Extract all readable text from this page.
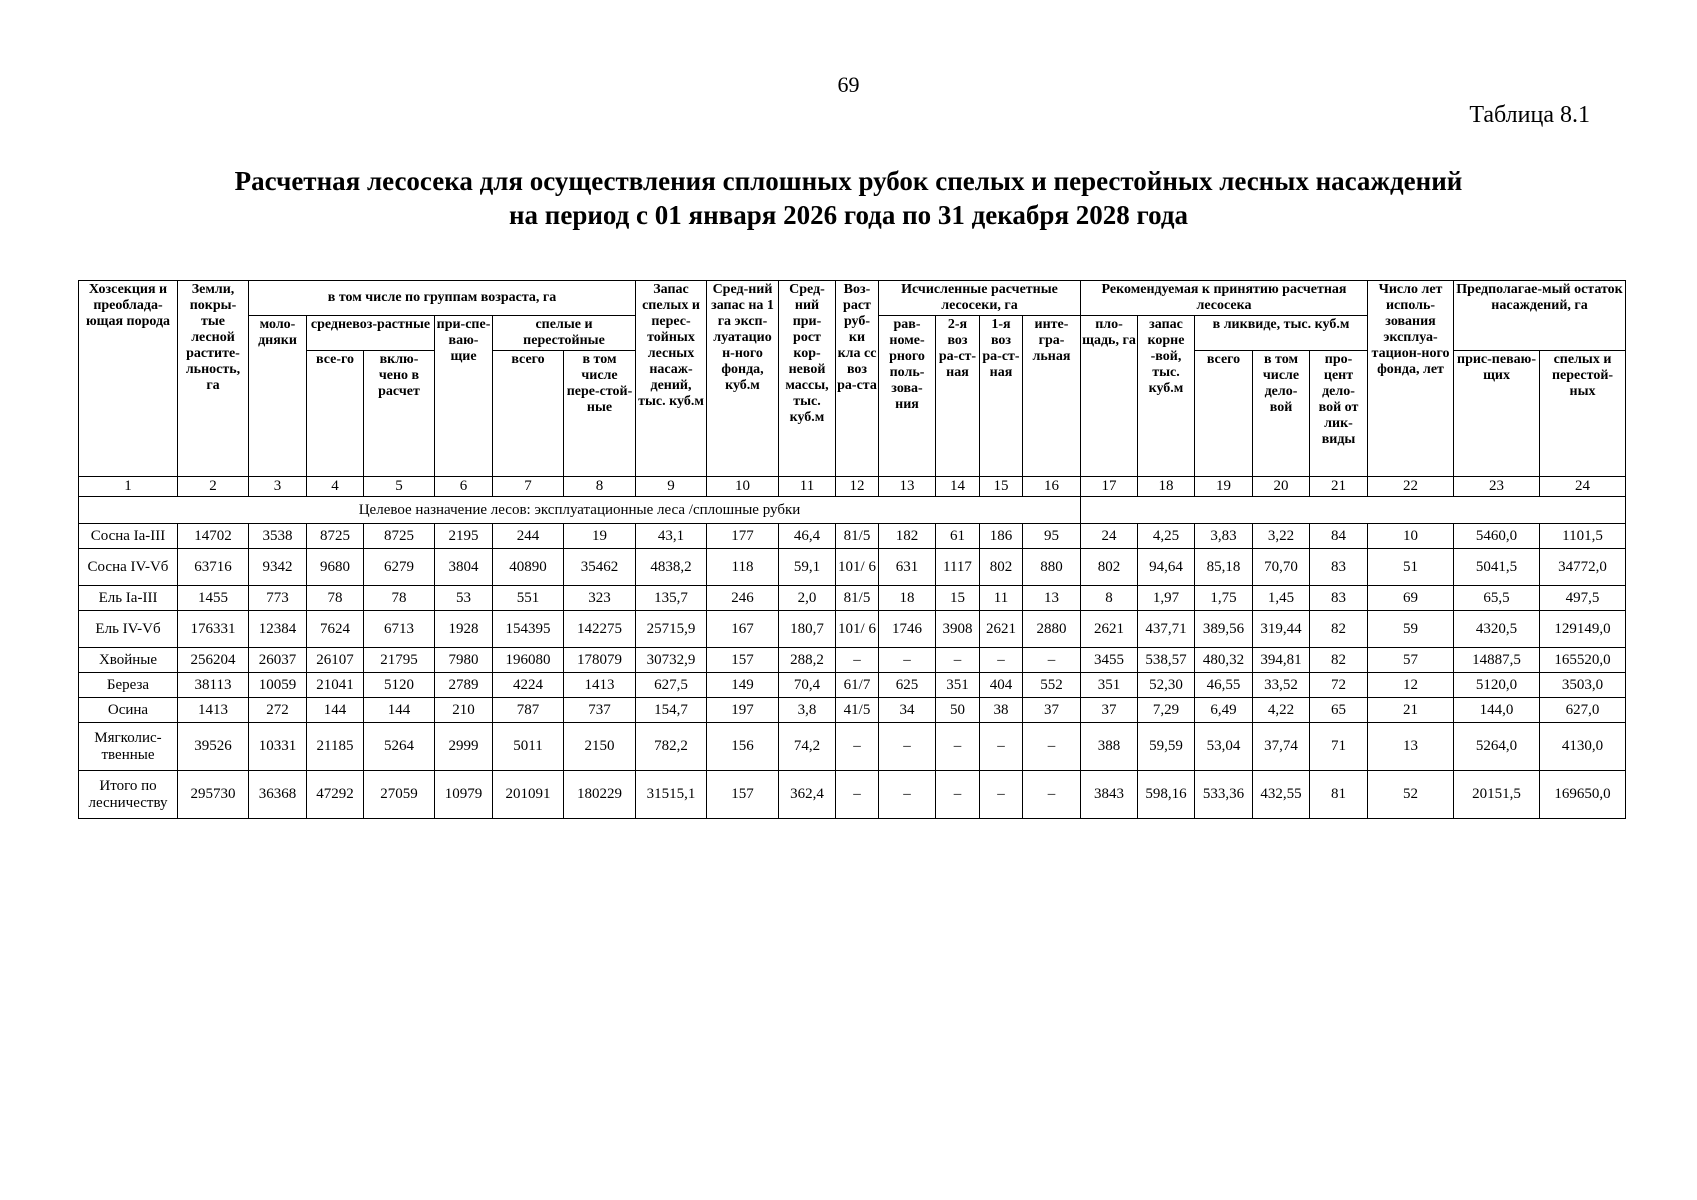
69
Таблица 8.1
Расчетная лесосека для осуществления сплошных рубок спелых и перестойных лесных насаждений
на период с 01 января 2026 года по 31 декабря 2028 года
Хозсекция и преоблада-ющая порода	Земли, покры-тые лесной растите-льность, га	в том числе по группам возраста, га						Запас спелых и перес-тойных лесных насаж-дений, тыс. куб.м	Сред-ний запас на 1 га эксп-луатацио н-ного фонда, куб.м	Сред-ний при-рост кор-невой массы, тыс. куб.м	Воз-раст руб-ки кла сс воз ра-ста	Исчисленные расчетные лесосеки, га				Рекомендуемая к принятию расчетная лесосека					Число лет исполь-зования эксплуа-тацион-ного фонда, лет	Предполагае-мый остаток насаждений, га	
		моло-дняки	средневоз-растные		при-спе-ваю-щие	спелые и перестойные						рав-номе-рного поль-зова-ния	2-я воз ра-ст-ная	1-я воз ра-ст-ная	инте-гра-льная	пло-щадь, га	запас корне -вой, тыс. куб.м	в ликвиде, тыс. куб.м					
			все-го	вклю-чено в расчет		всего	в том числе пере-стой-ные											всего	в том числе дело-вой	про-цент дело-вой от лик-виды		прис-певаю-щих	спелых и перестой-ных
1	2	3	4	5	6	7	8	9	10	11	12	13	14	15	16	17	18	19	20	21	22	23	24
Целевое назначение лесов: эксплуатационные леса /сплошные рубки																							
Сосна Iа-III	14702	3538	8725	8725	2195	244	19	43,1	177	46,4	81/5	182	61	186	95	24	4,25	3,83	3,22	84	10	5460,0	1101,5
Сосна IV-Vб	63716	9342	9680	6279	3804	40890	35462	4838,2	118	59,1	101/ 6	631	1117	802	880	802	94,64	85,18	70,70	83	51	5041,5	34772,0
Ель Iа-III	1455	773	78	78	53	551	323	135,7	246	2,0	81/5	18	15	11	13	8	1,97	1,75	1,45	83	69	65,5	497,5
Ель IV-Vб	176331	12384	7624	6713	1928	154395	142275	25715,9	167	180,7	101/ 6	1746	3908	2621	2880	2621	437,71	389,56	319,44	82	59	4320,5	129149,0
Хвойные	256204	26037	26107	21795	7980	196080	178079	30732,9	157	288,2	–	–	–	–	–	3455	538,57	480,32	394,81	82	57	14887,5	165520,0
Береза	38113	10059	21041	5120	2789	4224	1413	627,5	149	70,4	61/7	625	351	404	552	351	52,30	46,55	33,52	72	12	5120,0	3503,0
Осина	1413	272	144	144	210	787	737	154,7	197	3,8	41/5	34	50	38	37	37	7,29	6,49	4,22	65	21	144,0	627,0
Мягколис-твенные	39526	10331	21185	5264	2999	5011	2150	782,2	156	74,2	–	–	–	–	–	388	59,59	53,04	37,74	71	13	5264,0	4130,0
Итого по лесничеству	295730	36368	47292	27059	10979	201091	180229	31515,1	157	362,4	–	–	–	–	–	3843	598,16	533,36	432,55	81	52	20151,5	169650,0
